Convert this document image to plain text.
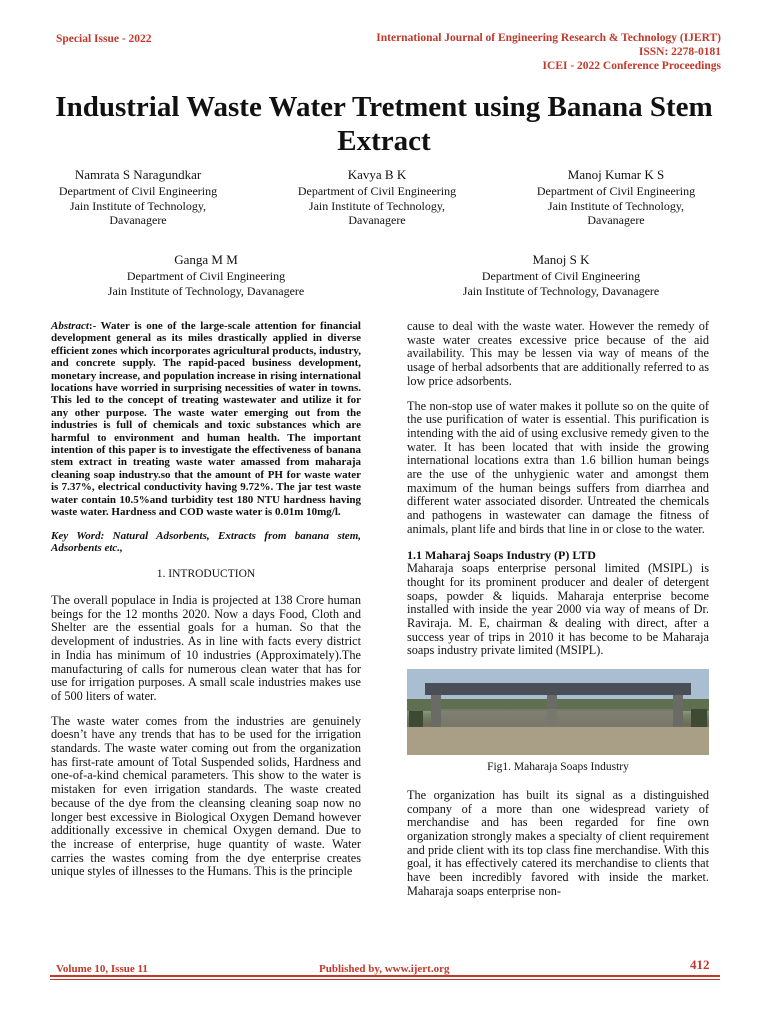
Special Issue - 2022	International Journal of Engineering Research & Technology (IJERT)
ISSN: 2278-0181
ICEI - 2022 Conference Proceedings
Industrial Waste Water Tretment using Banana Stem Extract
Namrata S Naragundkar
Department of Civil Engineering
Jain Institute of Technology,
Davanagere
Kavya B K
Department of Civil Engineering
Jain Institute of Technology,
Davanagere
Manoj Kumar K S
Department of Civil Engineering
Jain Institute of Technology,
Davanagere
Ganga M M
Department of Civil Engineering
Jain Institute of Technology, Davanagere
Manoj S K
Department of Civil Engineering
Jain Institute of Technology, Davanagere

Abstract:- Water is one of the large-scale attention for financial development general as its miles drastically applied in diverse efficient zones which incorporates agricultural products, industry, and concrete supply. The rapid-paced business development, monetary increase, and population increase in rising international locations have worried in surprising necessities of water in towns. This led to the concept of treating wastewater and utilize it for any other purpose. The waste water emerging out from the industries is full of chemicals and toxic substances which are harmful to environment and human health. The important intention of this paper is to investigate the effectiveness of banana stem extract in treating waste water amassed from maharaja cleaning soap industry.so that the amount of PH for waste water is 7.37%, electrical conductivity having 9.72%. The jar test waste water contain 10.5%and turbidity test 180 NTU hardness having waste water. Hardness and COD waste water is 0.01m 10mg/l.

Key Word: Natural Adsorbents, Extracts from banana stem, Adsorbents etc.,

1. INTRODUCTION

The overall populace in India is projected at 138 Crore human beings for the 12 months 2020. Now a days Food, Cloth and Shelter are the essential goals for a human. So that the development of industries. As in line with facts every district in India has minimum of 10 industries (Approximately).The manufacturing of calls for numerous clean water that has for use for irrigation purposes. A small scale industries makes use of 500 liters of water.

The waste water comes from the industries are genuinely doesn’t have any trends that has to be used for the irrigation standards. The waste water coming out from the organization has first-rate amount of Total Suspended solids, Hardness and one-of-a-kind chemical parameters. This show to the water is mistaken for even irrigation standards. The waste created because of the dye from the cleansing cleaning soap now no longer best excessive in Biological Oxygen Demand however additionally excessive in chemical Oxygen demand. Due to the increase of enterprise, huge quantity of waste. Water carries the wastes coming from the dye enterprise creates unique styles of illnesses to the Humans. This is the principle

cause to deal with the waste water. However the remedy of waste water creates excessive price because of the aid availability. This may be lessen via way of means of the usage of herbal adsorbents that are additionally referred to as low price adsorbents.

The non-stop use of water makes it pollute so on the quite of the use purification of water is essential. This purification is intending with the aid of using exclusive remedy given to the water. It has been located that with inside the growing international locations extra than 1.6 billion human beings are the use of the unhygienic water and amongst them maximum of the human beings suffers from diarrhea and different water associated disorder. Untreated the chemicals and pathogens in wastewater can damage the fitness of animals, plant life and birds that line in or close to the water.

1.1 Maharaj Soaps Industry (P) LTD

Maharaja soaps enterprise personal limited (MSIPL) is thought for its prominent producer and dealer of detergent soaps, powder & liquids. Maharaja enterprise become installed with inside the year 2000 via way of means of Dr. Raviraja. M. E, chairman & dealing with direct, after a success year of trips in 2010 it has become to be Maharaja soaps industry private limited (MSIPL).

Fig1. Maharaja Soaps Industry

The organization has built its signal as a distinguished company of a more than one widespread variety of merchandise and has been regarded for fine own organization strongly makes a specialty of client requirement and pride client with its top class fine merchandise. With this goal, it has effectively catered its merchandise to clients that have been incredibly favored with inside the market. Maharaja soaps enterprise non-

Volume 10, Issue 11	Published by, www.ijert.org	412
